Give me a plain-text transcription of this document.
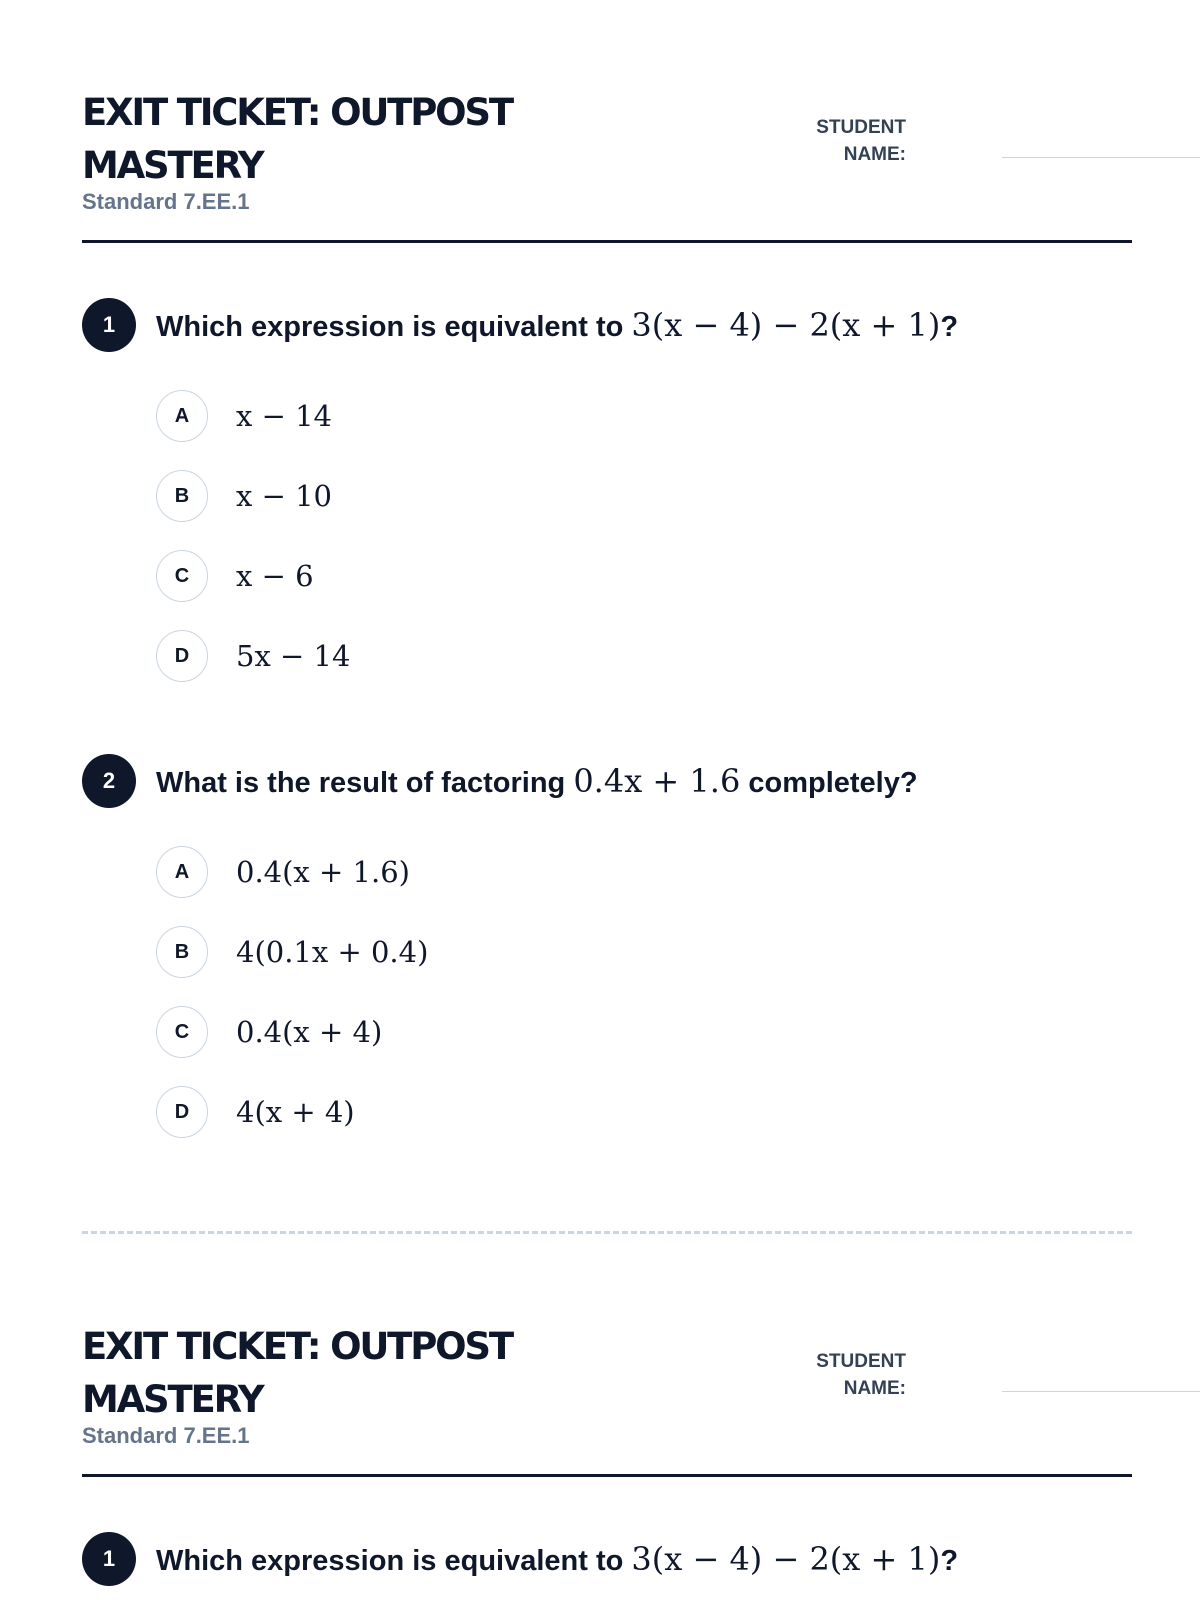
EXIT TICKET: OUTPOST MASTERY
Standard 7.EE.1
STUDENT NAME:
1	Which expression is equivalent to 3(x − 4) − 2(x + 1)?
A	x − 14
B	x − 10
C	x − 6
D	5x − 14
2	What is the result of factoring 0.4x + 1.6 completely?
A	0.4(x + 1.6)
B	4(0.1x + 0.4)
C	0.4(x + 4)
D	4(x + 4)
EXIT TICKET: OUTPOST MASTERY
Standard 7.EE.1
STUDENT NAME:
1	Which expression is equivalent to 3(x − 4) − 2(x + 1)?
